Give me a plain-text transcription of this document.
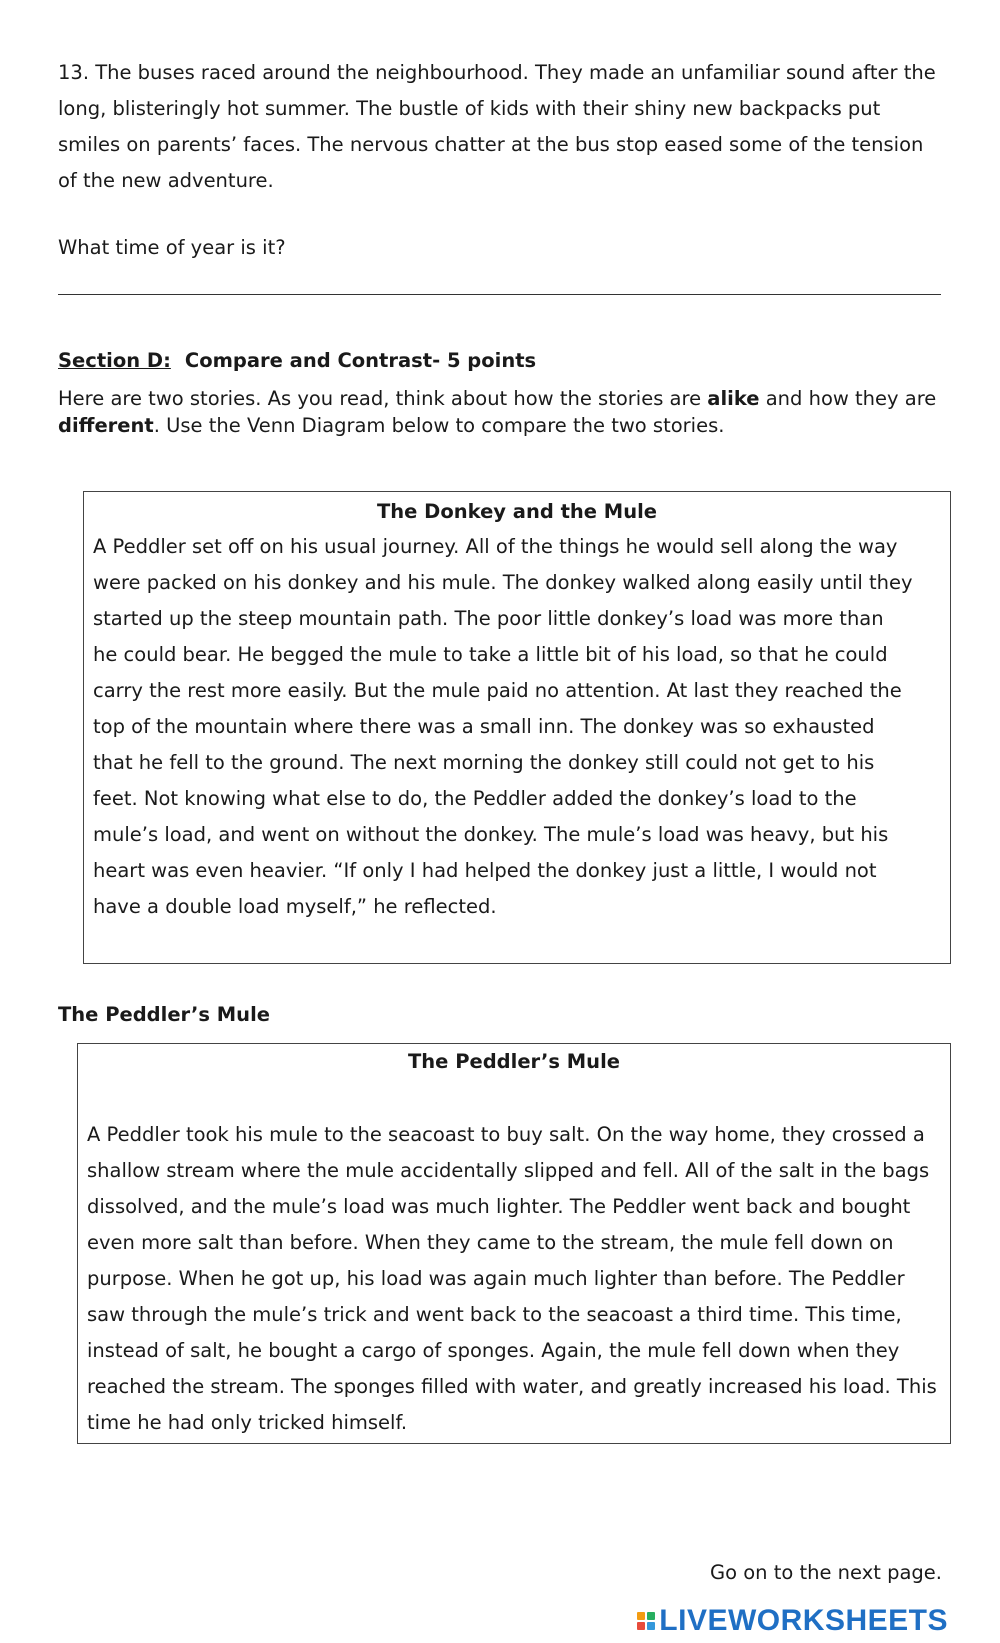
13. The buses raced around the neighbourhood. They made an unfamiliar sound after the long, blisteringly hot summer. The bustle of kids with their shiny new backpacks put smiles on parents’ faces. The nervous chatter at the bus stop eased some of the tension of the new adventure.

What time of year is it?

Section D: Compare and Contrast- 5 points

Here are two stories. As you read, think about how the stories are alike and how they are different. Use the Venn Diagram below to compare the two stories.

The Donkey and the Mule

A Peddler set off on his usual journey. All of the things he would sell along the way were packed on his donkey and his mule. The donkey walked along easily until they started up the steep mountain path. The poor little donkey’s load was more than he could bear. He begged the mule to take a little bit of his load, so that he could carry the rest more easily. But the mule paid no attention. At last they reached the top of the mountain where there was a small inn. The donkey was so exhausted that he fell to the ground. The next morning the donkey still could not get to his feet. Not knowing what else to do, the Peddler added the donkey’s load to the mule’s load, and went on without the donkey. The mule’s load was heavy, but his heart was even heavier. “If only I had helped the donkey just a little, I would not have a double load myself,” he reflected.

The Peddler’s Mule
The Peddler’s Mule

A Peddler took his mule to the seacoast to buy salt. On the way home, they crossed a shallow stream where the mule accidentally slipped and fell. All of the salt in the bags dissolved, and the mule’s load was much lighter. The Peddler went back and bought even more salt than before. When they came to the stream, the mule fell down on purpose. When he got up, his load was again much lighter than before. The Peddler saw through the mule’s trick and went back to the seacoast a third time. This time, instead of salt, he bought a cargo of sponges. Again, the mule fell down when they reached the stream. The sponges filled with water, and greatly increased his load. This time he had only tricked himself.

Go on to the next page.
LIVEWORKSHEETS
